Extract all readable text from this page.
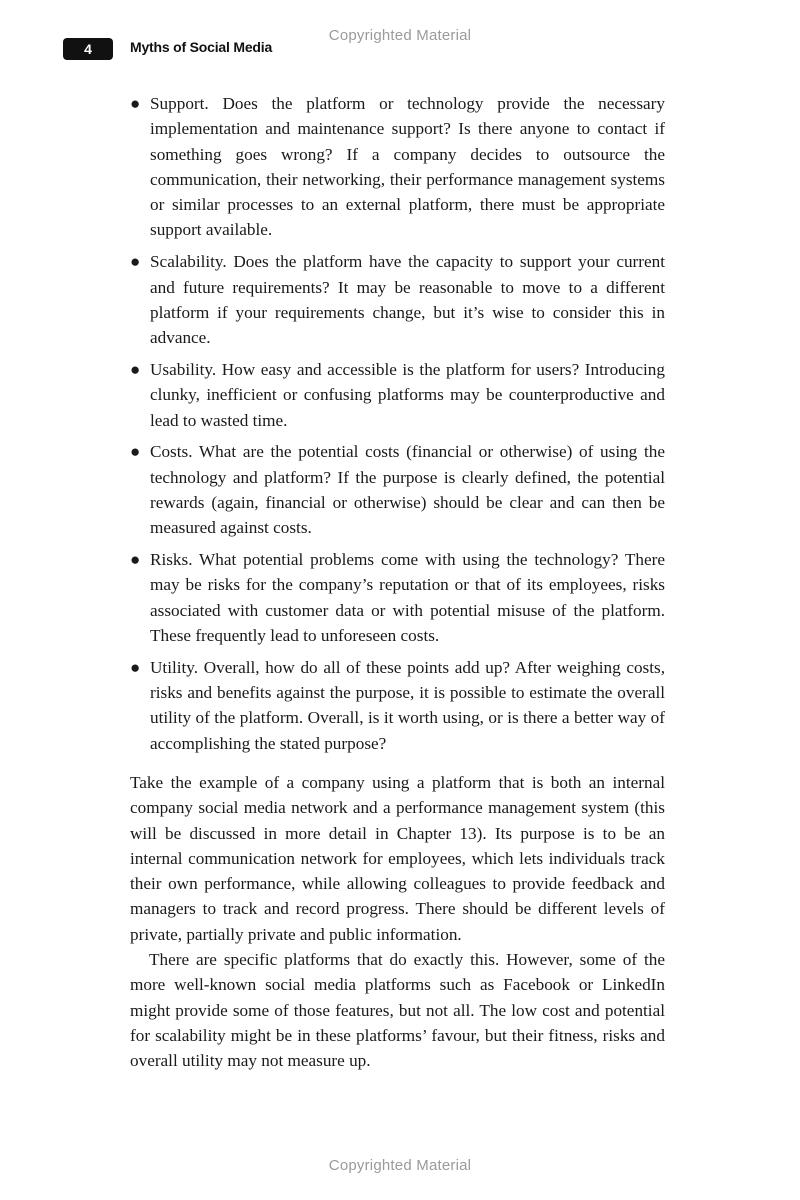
Copyrighted Material
4	Myths of Social Media
● Support. Does the platform or technology provide the necessary implementation and maintenance support? Is there anyone to contact if something goes wrong? If a company decides to outsource the communication, their networking, their performance management systems or similar processes to an external platform, there must be appropriate support available.
● Scalability. Does the platform have the capacity to support your current and future requirements? It may be reasonable to move to a different platform if your requirements change, but it’s wise to consider this in advance.
● Usability. How easy and accessible is the platform for users? Introducing clunky, inefficient or confusing platforms may be counterproductive and lead to wasted time.
● Costs. What are the potential costs (financial or otherwise) of using the technology and platform? If the purpose is clearly defined, the potential rewards (again, financial or otherwise) should be clear and can then be measured against costs.
● Risks. What potential problems come with using the technology? There may be risks for the company’s reputation or that of its employees, risks associated with customer data or with potential misuse of the platform. These frequently lead to unforeseen costs.
● Utility. Overall, how do all of these points add up? After weighing costs, risks and benefits against the purpose, it is possible to estimate the overall utility of the platform. Overall, is it worth using, or is there a better way of accomplishing the stated purpose?

Take the example of a company using a platform that is both an internal company social media network and a performance management system (this will be discussed in more detail in Chapter 13). Its purpose is to be an internal communication network for employees, which lets individuals track their own performance, while allowing colleagues to provide feedback and managers to track and record progress. There should be different levels of private, partially private and public information.

There are specific platforms that do exactly this. However, some of the more well-known social media platforms such as Facebook or LinkedIn might provide some of those features, but not all. The low cost and potential for scalability might be in these platforms’ favour, but their fitness, risks and overall utility may not measure up.

Copyrighted Material
